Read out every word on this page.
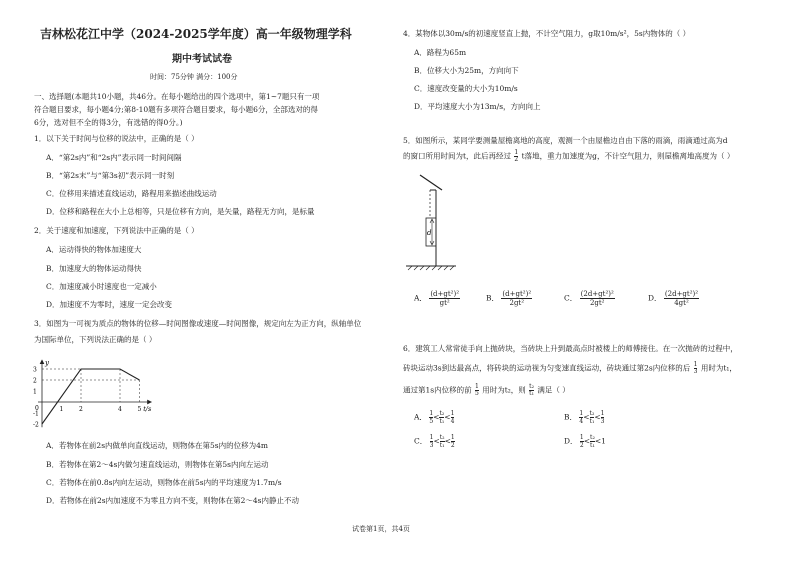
吉林松花江中学（2024-2025学年度）高一年级物理学科
期中考试试卷
时间：75分钟 满分：100分
一、选择题(本题共10小题，共46分。在每小题给出的四个选项中，第1~7题只有一项
符合题目要求，每小题4分;第8-10题有多项符合题目要求，每小题6分，全部选对的得
6分，选对但不全的得3分，有选错的得0分。)
1．以下关于时间与位移的说法中，正确的是（ ）
A．“第2s内”和“2s内”表示同一时间间隔
B．“第2s末”与“第3s初”表示同一时刻
C．位移用来描述直线运动，路程用来描述曲线运动
D．位移和路程在大小上总相等，只是位移有方向，是矢量，路程无方向，是标量
2．关于速度和加速度，下列说法中正确的是（ ）
A．运动得快的物体加速度大
B．加速度大的物体运动得快
C．加速度减小时速度也一定减小
D．加速度不为零时，速度一定会改变
3．如图为一可视为质点的物体的位移—时间图像或速度—时间图像，规定向左为正方向，纵轴单位
为国际单位，下列说法正确的是（ ）
y
t/s
0
3
2
1
-1
-2
1	2	4	5
A．若物体在前2s内做单向直线运动，则物体在第5s内的位移为4m
B．若物体在第2～4s内做匀速直线运动，则物体在第5s内向左运动
C．若物体在前0.8s内向左运动，则物体在前5s内的平均速度为1.7m/s
D．若物体在前2s内加速度不为零且方向不变，则物体在第2～4s内静止不动
4．某物体以30m/s的初速度竖直上抛，不计空气阻力，g取10m/s²，5s内物体的（ ）
A．路程为65m
B．位移大小为25m，方向向下
C．速度改变量的大小为10m/s
D．平均速度大小为13m/s，方向向上
5．如图所示，某同学要测量屋檐离地的高度，观测一个由屋檐边自由下落的雨滴，雨滴通过高为d
的窗口所用时间为t，此后再经过 $\frac{1}{2}$ t落地，重力加速度为g，不计空气阻力，则屋檐离地高度为（ ）
d
A． $\frac{\text{(d+gt²)²}}{\text{gt²}}$	B． $\frac{\text{(d+gt²)²}}{\text{2gt²}}$	C． $\frac{\text{(2d+gt²)²}}{\text{2gt²}}$	D． $\frac{\text{(2d+gt²)²}}{\text{4gt²}}$
6．建筑工人常常徒手向上抛砖块，当砖块上升到最高点时被楼上的师傅接住。在一次抛砖的过程中，
砖块运动3s到达最高点，将砖块的运动视为匀变速直线运动，砖块通过第2s内位移的后 $\frac{1}{3}$ 用时为t₁，
通过第1s内位移的前 $\frac{1}{5}$ 用时为t₂，则 $\frac{\text{t₂}}{\text{t₁}}$ 满足（ ）
A． $\frac{1}{5} < \frac{\text{t₂}}{\text{t₁}} < \frac{1}{4}$	B． $\frac{1}{4} < \frac{\text{t₂}}{\text{t₁}} < \frac{1}{3}$
C． $\frac{1}{3} < \frac{\text{t₂}}{\text{t₁}} < \frac{1}{2}$	D． $\frac{1}{2} < \frac{\text{t₂}}{\text{t₁}} <1$
试卷第1页，共4页
